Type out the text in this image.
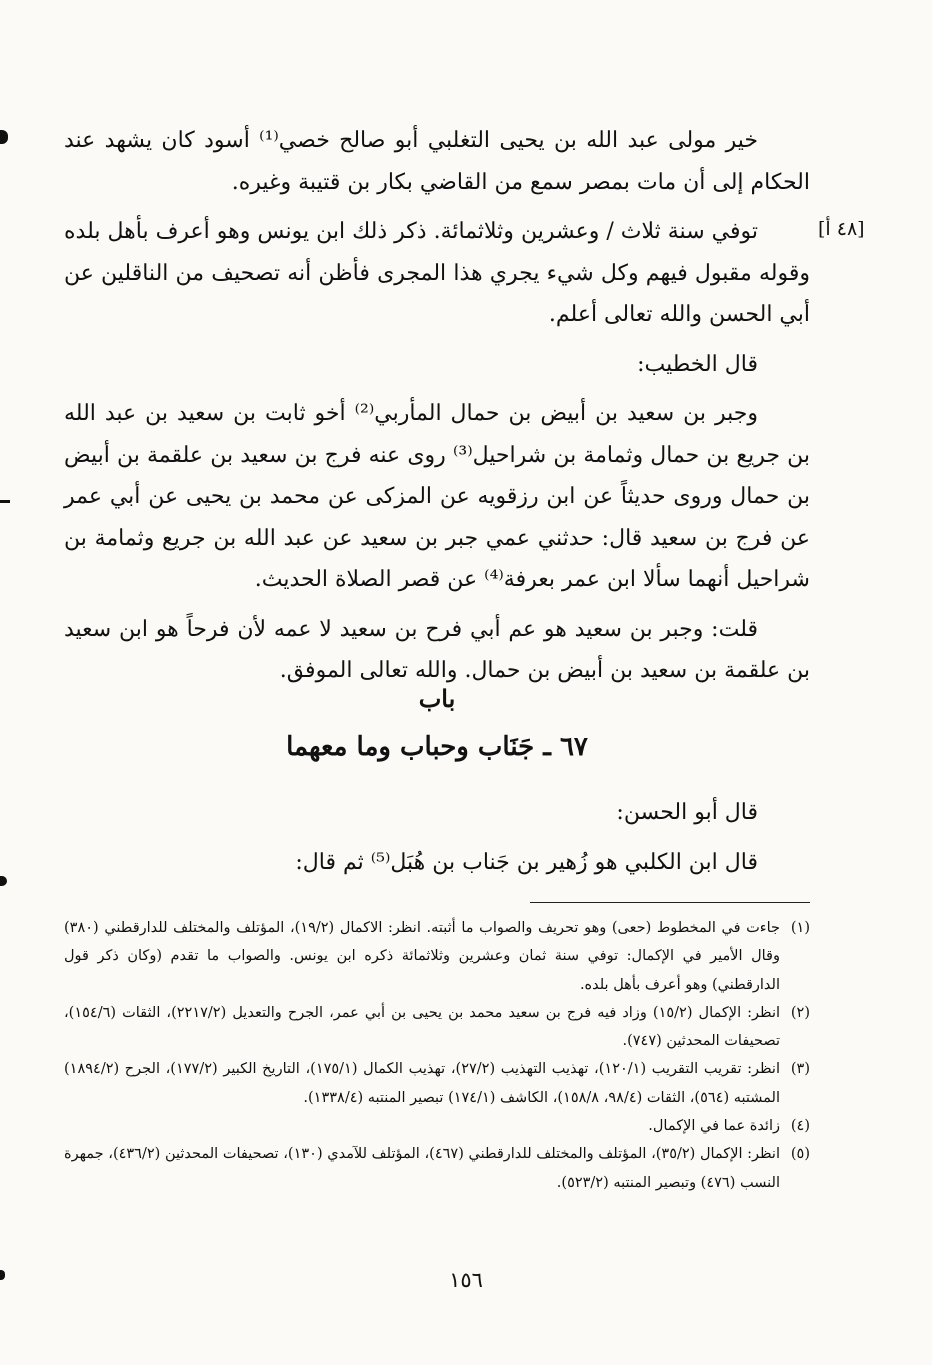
[٤٨ أ]

خير مولى عبد الله بن يحيى التغلبي أبو صالح خصي⁽¹⁾ أسود كان يشهد عند الحكام إلى أن مات بمصر سمع من القاضي بكار بن قتيبة وغيره.

توفي سنة ثلاث / وعشرين وثلاثمائة. ذكر ذلك ابن يونس وهو أعرف بأهل بلده وقوله مقبول فيهم وكل شيء يجري هذا المجرى فأظن أنه تصحيف من الناقلين عن أبي الحسن والله تعالى أعلم.

قال الخطيب:

وجبر بن سعيد بن أبيض بن حمال المأربي⁽²⁾ أخو ثابت بن سعيد بن عبد الله بن جريع بن حمال وثمامة بن شراحيل⁽³⁾ روى عنه فرج بن سعيد بن علقمة بن أبيض بن حمال وروى حديثاً عن ابن رزقويه عن المزكى عن محمد بن يحيى عن أبي عمر عن فرج بن سعيد قال: حدثني عمي جبر بن سعيد عن عبد الله بن جريع وثمامة بن شراحيل أنهما سألا ابن عمر بعرفة⁽⁴⁾ عن قصر الصلاة الحديث.

قلت: وجبر بن سعيد هو عم أبي فرح بن سعيد لا عمه لأن فرحاً هو ابن سعيد بن علقمة بن سعيد بن أبيض بن حمال. والله تعالى الموفق.

باب
٦٧ ـ جَنَاب وحباب وما معهما

قال أبو الحسن:

قال ابن الكلبي هو زُهير بن جَناب بن هُبَل⁽⁵⁾ ثم قال:

(١)
جاءت في المخطوط (حعى) وهو تحريف والصواب ما أثبته. انظر: الاكمال (١٩/٢)، المؤتلف والمختلف للدارقطني (٣٨٠) وقال الأمير في الإكمال: توفي سنة ثمان وعشرين وثلاثمائة ذكره ابن يونس. والصواب ما تقدم (وكان ذكر قول الدارقطني) وهو أعرف بأهل بلده.

(٢)
انظر: الإكمال (١٥/٢) وزاد فيه فرج بن سعيد محمد بن يحيى بن أبي عمر، الجرح والتعديل (٢٢١٧/٢)، الثقات (١٥٤/٦)، تصحيفات المحدثين (٧٤٧).

(٣)
انظر: تقريب التقريب (١٢٠/١)، تهذيب التهذيب (٢٧/٢)، تهذيب الكمال (١٧٥/١)، التاريخ الكبير (١٧٧/٢)، الجرح (١٨٩٤/٢) المشتبه (٥٦٤)، الثقات (٩٨/٤، ١٥٨/٨)، الكاشف (١٧٤/١) تبصير المنتبه (١٣٣٨/٤).

(٤)
زائدة عما في الإكمال.

(٥)
انظر: الإكمال (٣٥/٢)، المؤتلف والمختلف للدارقطني (٤٦٧)، المؤتلف للآمدي (١٣٠)، تصحيفات المحدثين (٤٣٦/٢)، جمهرة النسب (٤٧٦) وتبصير المنتبه (٥٢٣/٢).

١٥٦
